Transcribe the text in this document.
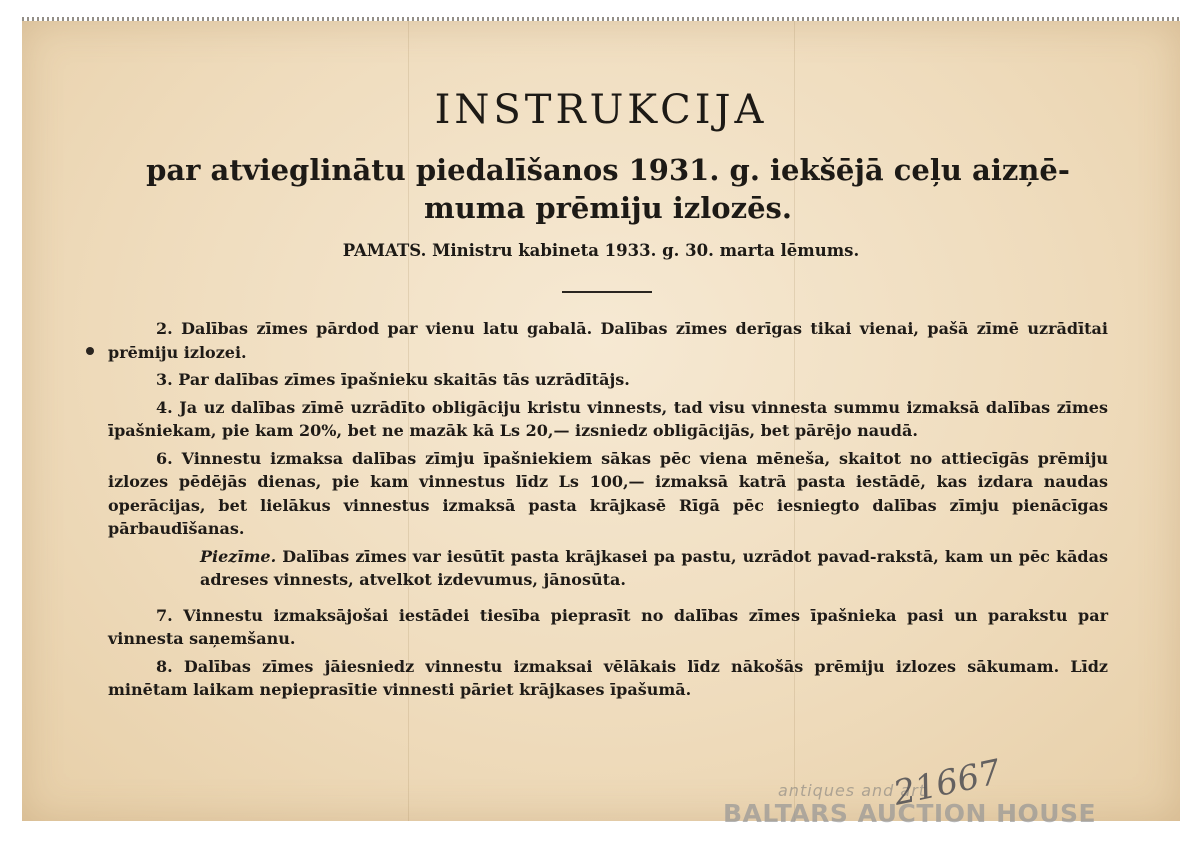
INSTRUKCIJA
par atvieglinātu piedalīšanos 1931. g. iekšējā ceļu aizņē-muma prēmiju izlozēs.
PAMATS. Ministru kabineta 1933. g. 30. marta lēmums.

2. Dalības zīmes pārdod par vienu latu gabalā. Dalības zīmes derīgas tikai vienai, pašā zīmē uzrādītai prēmiju izlozei.

3. Par dalības zīmes īpašnieku skaitās tās uzrādītājs.

4. Ja uz dalības zīmē uzrādīto obligāciju kristu vinnests, tad visu vinnesta summu izmaksā dalības zīmes īpašniekam, pie kam 20%, bet ne mazāk kā Ls 20,— izsniedz obligācijās, bet pārējo naudā.

6. Vinnestu izmaksa dalības zīmju īpašniekiem sākas pēc viena mēneša, skaitot no attiecīgās prēmiju izlozes pēdējās dienas, pie kam vinnestus līdz Ls 100,— izmaksā katrā pasta iestādē, kas izdara naudas operācijas, bet lielākus vinnestus izmaksā pasta krājkasē Rīgā pēc iesniegto dalības zīmju pienācīgas pārbaudīšanas.

Piezīme. Dalības zīmes var iesūtīt pasta krājkasei pa pastu, uzrādot pavad-rakstā, kam un pēc kādas adreses vinnests, atvelkot izdevumus, jānosūta.

7. Vinnestu izmaksājošai iestādei tiesība pieprasīt no dalības zīmes īpašnieka pasi un parakstu par vinnesta saņemšanu.

8. Dalības zīmes jāiesniedz vinnestu izmaksai vēlākais līdz nākošās prēmiju izlozes sākumam. Līdz minētam laikam nepieprasītie vinnesti pāriet krājkases īpašumā.

antiques and art
BALTARS AUCTION HOUSE
21667
